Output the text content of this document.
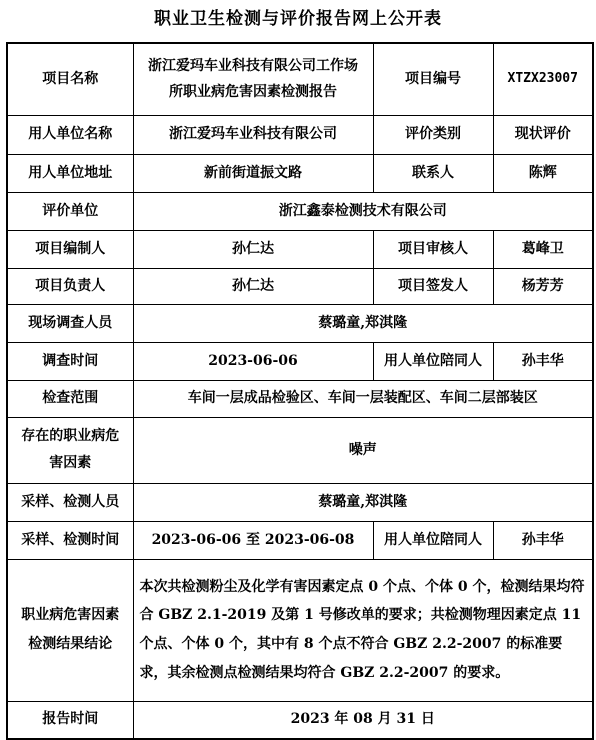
职业卫生检测与评价报告网上公开表
项目名称	浙江爱玛车业科技有限公司工作场所职业病危害因素检测报告	项目编号	XTZX23007
用人单位名称	浙江爱玛车业科技有限公司	评价类别	现状评价
用人单位地址	新前街道振文路	联系人	陈辉
评价单位	浙江鑫泰检测技术有限公司		
项目编制人	孙仁达	项目审核人	葛峰卫
项目负责人	孙仁达	项目签发人	杨芳芳
现场调查人员	蔡璐童,郑淇隆		
调查时间	2023-06-06	用人单位陪同人	孙丰华
检查范围	车间一层成品检验区、车间一层装配区、车间二层部装区		
存在的职业病危害因素	噪声		
采样、检测人员	蔡璐童,郑淇隆		
采样、检测时间	2023-06-06 至 2023-06-08	用人单位陪同人	孙丰华
职业病危害因素检测结果结论	本次共检测粉尘及化学有害因素定点 0 个点、个体 0 个，检测结果均符合 GBZ 2.1-2019 及第 1 号修改单的要求；共检测物理因素定点 11 个点、个体 0 个，其中有 8 个点不符合 GBZ 2.2-2007 的标准要求，其余检测点检测结果均符合 GBZ 2.2-2007 的要求。		
报告时间	2023 年 08 月 31 日		
